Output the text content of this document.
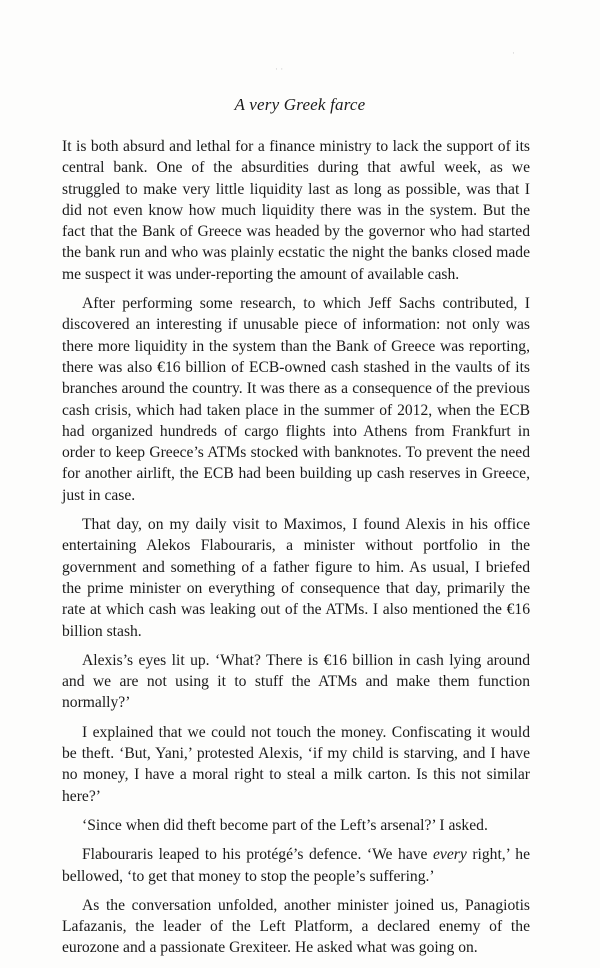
· ·
·
A very Greek farce

It is both absurd and lethal for a finance ministry to lack the support of its central bank. One of the absurdities during that awful week, as we struggled to make very little liquidity last as long as possible, was that I did not even know how much liquidity there was in the system. But the fact that the Bank of Greece was headed by the governor who had started the bank run and who was plainly ecstatic the night the banks closed made me suspect it was under-reporting the amount of available cash.

After performing some research, to which Jeff Sachs contributed, I discovered an interesting if unusable piece of information: not only was there more liquidity in the system than the Bank of Greece was reporting, there was also €16 billion of ECB-owned cash stashed in the vaults of its branches around the country. It was there as a consequence of the previous cash crisis, which had taken place in the summer of 2012, when the ECB had organized hundreds of cargo flights into Athens from Frankfurt in order to keep Greece’s ATMs stocked with banknotes. To prevent the need for another airlift, the ECB had been building up cash reserves in Greece, just in case.

That day, on my daily visit to Maximos, I found Alexis in his office entertaining Alekos Flabouraris, a minister without portfolio in the government and something of a father figure to him. As usual, I briefed the prime minister on everything of consequence that day, primarily the rate at which cash was leaking out of the ATMs. I also mentioned the €16 billion stash.

Alexis’s eyes lit up. ‘What? There is €16 billion in cash lying around and we are not using it to stuff the ATMs and make them function normally?’

I explained that we could not touch the money. Confiscating it would be theft. ‘But, Yani,’ protested Alexis, ‘if my child is starving, and I have no money, I have a moral right to steal a milk carton. Is this not similar here?’

‘Since when did theft become part of the Left’s arsenal?’ I asked.

Flabouraris leaped to his protégé’s defence. ‘We have every right,’ he bellowed, ‘to get that money to stop the people’s suffering.’

As the conversation unfolded, another minister joined us, Panagiotis Lafazanis, the leader of the Left Platform, a declared enemy of the eurozone and a passionate Grexiteer. He asked what was going on.
